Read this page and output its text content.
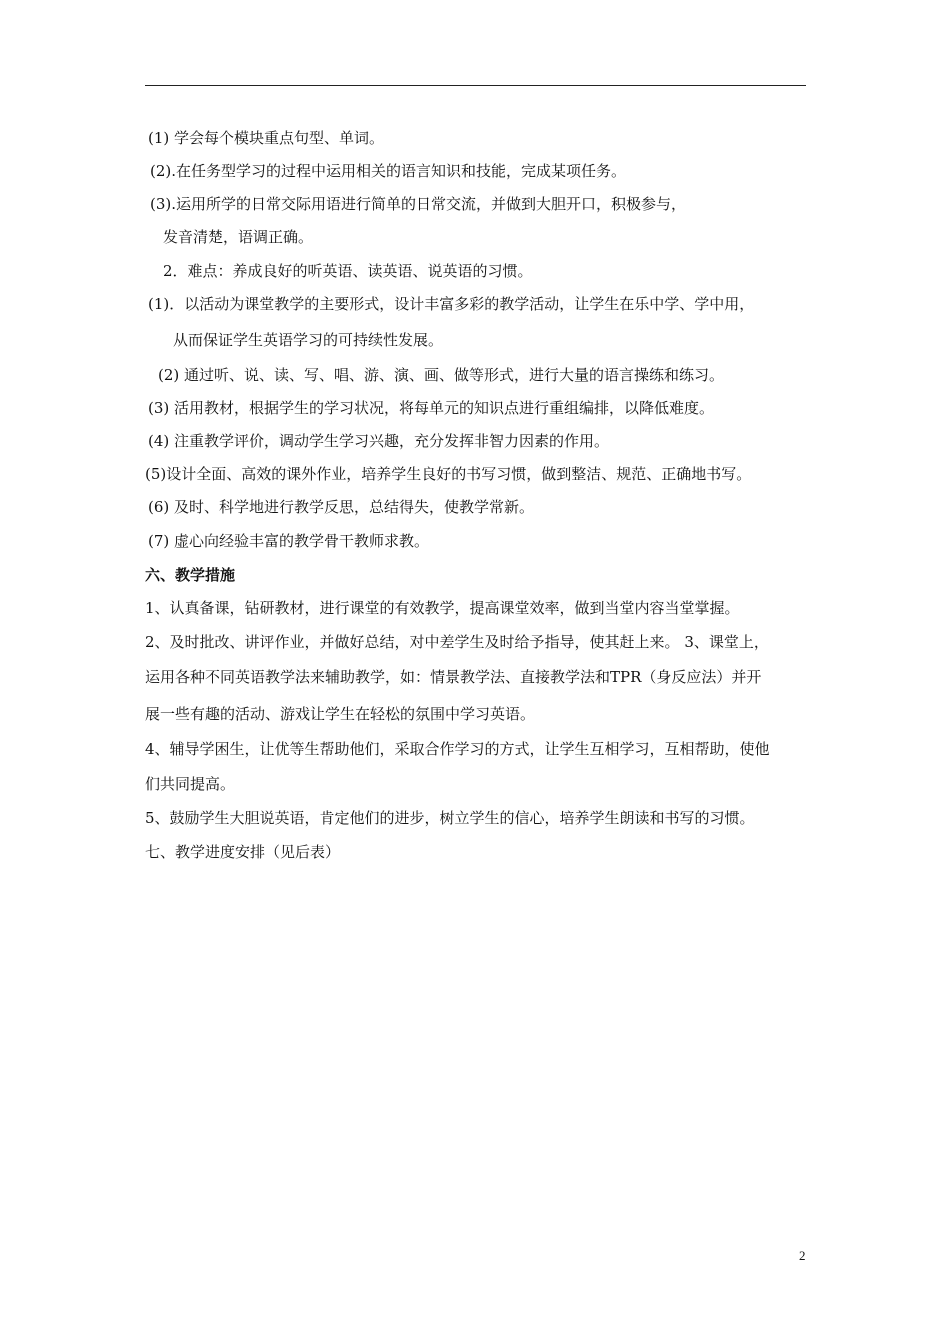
(1) 学会每个模块重点句型、单词。
(2).在任务型学习的过程中运用相关的语言知识和技能，完成某项任务。
(3).运用所学的日常交际用语进行简单的日常交流，并做到大胆开口，积极参与，
发音清楚，语调正确。
2．难点：养成良好的听英语、读英语、说英语的习惯。
(1)．以活动为课堂教学的主要形式，设计丰富多彩的教学活动，让学生在乐中学、学中用，
从而保证学生英语学习的可持续性发展。
(2) 通过听、说、读、写、唱、游、演、画、做等形式，进行大量的语言操练和练习。
(3) 活用教材，根据学生的学习状况，将每单元的知识点进行重组编排，以降低难度。
(4) 注重教学评价，调动学生学习兴趣，充分发挥非智力因素的作用。
(5)设计全面、高效的课外作业，培养学生良好的书写习惯，做到整洁、规范、正确地书写。
(6) 及时、科学地进行教学反思，总结得失，使教学常新。
(7) 虚心向经验丰富的教学骨干教师求教。
六、教学措施
1、认真备课，钻研教材，进行课堂的有效教学，提高课堂效率，做到当堂内容当堂掌握。
2、及时批改、讲评作业，并做好总结，对中差学生及时给予指导，使其赶上来。 3、课堂上，
运用各种不同英语教学法来辅助教学，如：情景教学法、直接教学法和TPR（身反应法）并开
展一些有趣的活动、游戏让学生在轻松的氛围中学习英语。
4、辅导学困生，让优等生帮助他们，采取合作学习的方式，让学生互相学习，互相帮助，使他
们共同提高。
5、鼓励学生大胆说英语，肯定他们的进步，树立学生的信心，培养学生朗读和书写的习惯。
七、教学进度安排（见后表）
2
